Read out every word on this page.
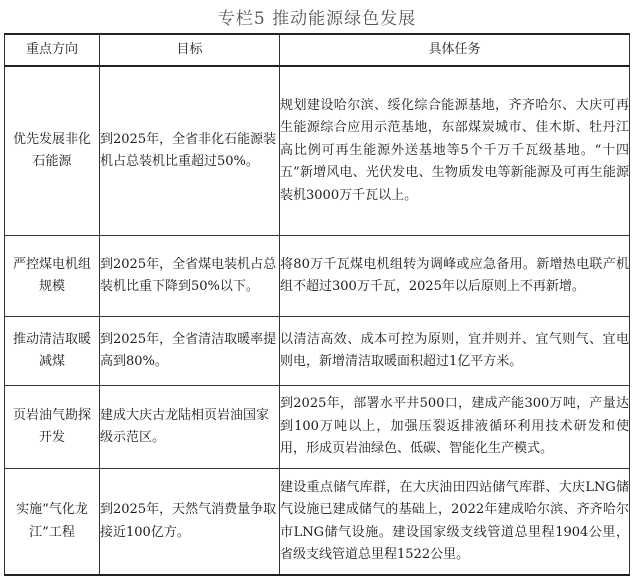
专栏5 推动能源绿色发展
重点方向	目标	具体任务

优先发展非化石能源	到2025年，全省非化石能源装机占总装机比重超过50%。	规划建设哈尔滨、绥化综合能源基地，齐齐哈尔、大庆可再生能源综合应用示范基地，东部煤炭城市、佳木斯、牡丹江高比例可再生能源外送基地等5个千万千瓦级基地。“十四五”新增风电、光伏发电、生物质发电等新能源及可再生能源装机3000万千瓦以上。

严控煤电机组规模	到2025年，全省煤电装机占总装机比重下降到50%以下。	将80万千瓦煤电机组转为调峰或应急备用。新增热电联产机组不超过300万千瓦，2025年以后原则上不再新增。

推动清洁取暖减煤	到2025年，全省清洁取暖率提高到80%。	以清洁高效、成本可控为原则，宜并则并、宜气则气、宜电则电，新增清洁取暖面积超过1亿平方米。

页岩油气勘探开发	建成大庆古龙陆相页岩油国家级示范区。	到2025年，部署水平井500口，建成产能300万吨，产量达到100万吨以上，加强压裂返排液循环利用技术研发和使用，形成页岩油绿色、低碳、智能化生产模式。

实施“气化龙江”工程	到2025年，天然气消费量争取接近100亿方。	建设重点储气库群，在大庆油田四站储气库群、大庆LNG储气设施已建成储气的基础上，2022年建成哈尔滨、齐齐哈尔市LNG储气设施。建设国家级支线管道总里程1904公里，省级支线管道总里程1522公里。
